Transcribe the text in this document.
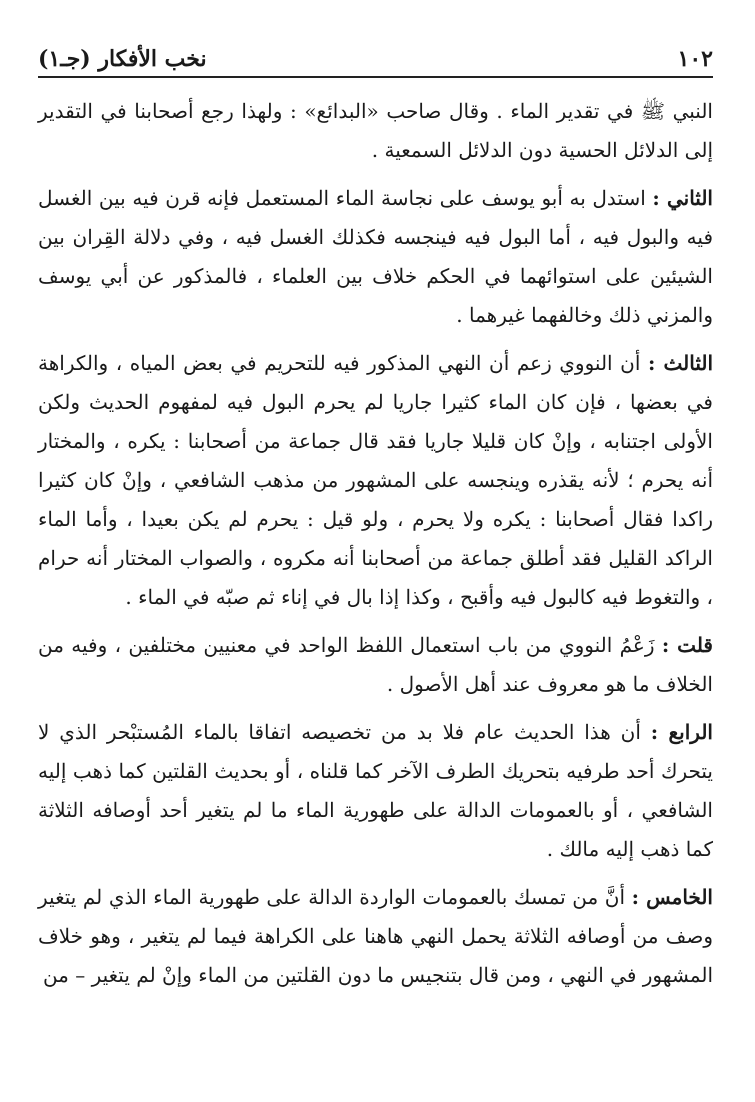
١٠٢
نخب الأفكار (جـ١)

النبي ﷺ في تقدير الماء . وقال صاحب «البدائع» : ولهذا رجع أصحابنا في التقدير إلى الدلائل الحسية دون الدلائل السمعية .

الثاني : استدل به أبو يوسف على نجاسة الماء المستعمل فإنه قرن فيه بين الغسل فيه والبول فيه ، أما البول فيه فينجسه فكذلك الغسل فيه ، وفي دلالة القِران بين الشيئين على استوائهما في الحكم خلاف بين العلماء ، فالمذكور عن أبي يوسف والمزني ذلك وخالفهما غيرهما .

الثالث : أن النووي زعم أن النهي المذكور فيه للتحريم في بعض المياه ، والكراهة في بعضها ، فإن كان الماء كثيرا جاريا لم يحرم البول فيه لمفهوم الحديث ولكن الأولى اجتنابه ، وإنْ كان قليلا جاريا فقد قال جماعة من أصحابنا : يكره ، والمختار أنه يحرم ؛ لأنه يقذره وينجسه على المشهور من مذهب الشافعي ، وإنْ كان كثيرا راكدا فقال أصحابنا : يكره ولا يحرم ، ولو قيل : يحرم لم يكن بعيدا ، وأما الماء الراكد القليل فقد أطلق جماعة من أصحابنا أنه مكروه ، والصواب المختار أنه حرام ، والتغوط فيه كالبول فيه وأقبح ، وكذا إذا بال في إناء ثم صبّه في الماء .

قلت : زَعْمُ النووي من باب استعمال اللفظ الواحد في معنيين مختلفين ، وفيه من الخلاف ما هو معروف عند أهل الأصول .

الرابع : أن هذا الحديث عام فلا بد من تخصيصه اتفاقا بالماء المُستبْحر الذي لا يتحرك أحد طرفيه بتحريك الطرف الآخر كما قلناه ، أو بحديث القلتين كما ذهب إليه الشافعي ، أو بالعمومات الدالة على طهورية الماء ما لم يتغير أحد أوصافه الثلاثة كما ذهب إليه مالك .

الخامس : أنَّ من تمسك بالعمومات الواردة الدالة على طهورية الماء الذي لم يتغير وصف من أوصافه الثلاثة يحمل النهي هاهنا على الكراهة فيما لم يتغير ، وهو خلاف المشهور في النهي ، ومن قال بتنجيس ما دون القلتين من الماء وإنْ لم يتغير – من
